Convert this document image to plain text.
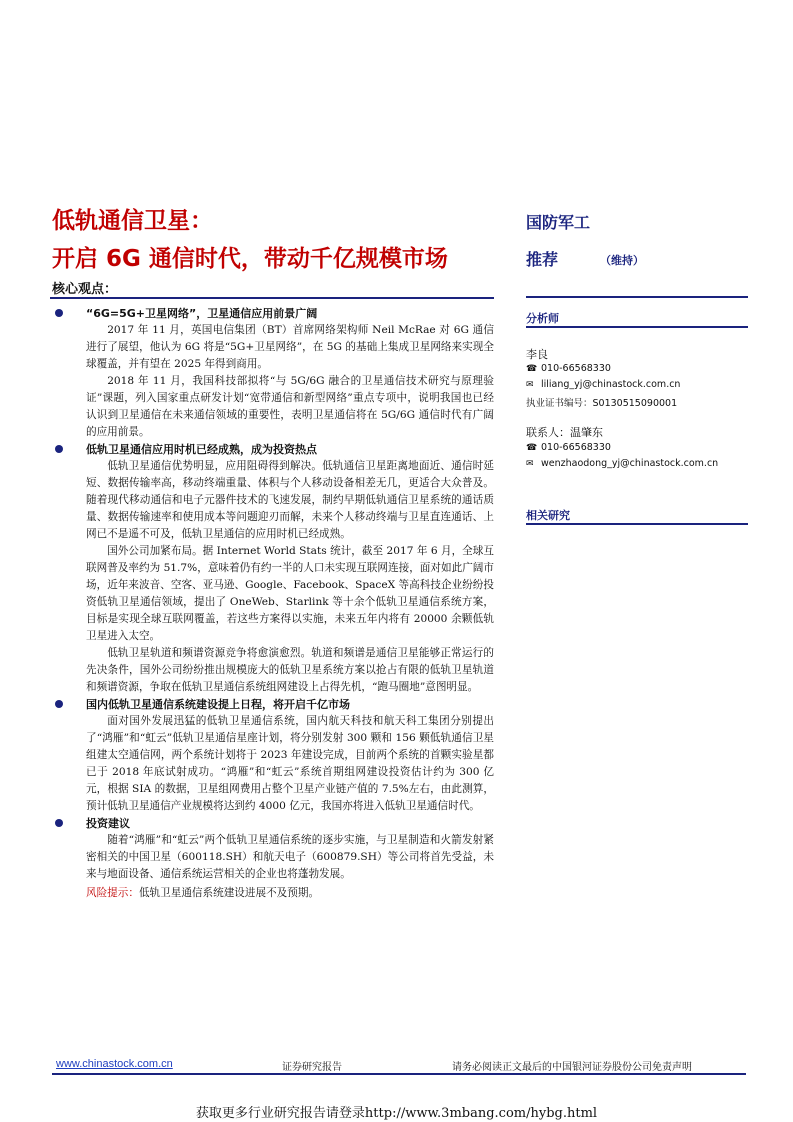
低轨通信卫星：
开启 6G 通信时代，带动千亿规模市场
核心观点：
“6G=5G+卫星网络”，卫星通信应用前景广阔

2017 年 11 月，英国电信集团（BT）首席网络架构师 Neil McRae 对 6G 通信进行了展望，他认为 6G 将是“5G+卫星网络”，在 5G 的基础上集成卫星网络来实现全球覆盖，并有望在 2025 年得到商用。

2018 年 11 月，我国科技部拟将“与 5G/6G 融合的卫星通信技术研究与原理验证”课题，列入国家重点研发计划“宽带通信和新型网络”重点专项中，说明我国也已经认识到卫星通信在未来通信领域的重要性，表明卫星通信将在 5G/6G 通信时代有广阔的应用前景。

低轨卫星通信应用时机已经成熟，成为投资热点

低轨卫星通信优势明显，应用阻碍得到解决。低轨通信卫星距离地面近、通信时延短、数据传输率高，移动终端重量、体积与个人移动设备相差无几，更适合大众普及。随着现代移动通信和电子元器件技术的飞速发展，制约早期低轨通信卫星系统的通话质量、数据传输速率和使用成本等问题迎刃而解，未来个人移动终端与卫星直连通话、上网已不是遥不可及，低轨卫星通信的应用时机已经成熟。

国外公司加紧布局。据 Internet World Stats 统计，截至 2017 年 6 月，全球互联网普及率约为 51.7%，意味着仍有约一半的人口未实现互联网连接，面对如此广阔市场，近年来波音、空客、亚马逊、Google、Facebook、SpaceX 等高科技企业纷纷投资低轨卫星通信领域，提出了 OneWeb、Starlink 等十余个低轨卫星通信系统方案，目标是实现全球互联网覆盖，若这些方案得以实施，未来五年内将有 20000 余颗低轨卫星进入太空。

低轨卫星轨道和频谱资源竞争将愈演愈烈。轨道和频谱是通信卫星能够正常运行的先决条件，国外公司纷纷推出规模庞大的低轨卫星系统方案以抢占有限的低轨卫星轨道和频谱资源，争取在低轨卫星通信系统组网建设上占得先机，“跑马圈地”意图明显。

国内低轨卫星通信系统建设提上日程，将开启千亿市场

面对国外发展迅猛的低轨卫星通信系统，国内航天科技和航天科工集团分别提出了“鸿雁”和“虹云”低轨卫星通信星座计划，将分别发射 300 颗和 156 颗低轨通信卫星组建太空通信网，两个系统计划将于 2023 年建设完成，目前两个系统的首颗实验星都已于 2018 年底试射成功。“鸿雁”和“虹云”系统首期组网建设投资估计约为 300 亿元，根据 SIA 的数据，卫星组网费用占整个卫星产业链产值的 7.5%左右，由此测算，预计低轨卫星通信产业规模将达到约 4000 亿元，我国亦将进入低轨卫星通信时代。

投资建议

随着“鸿雁”和“虹云”两个低轨卫星通信系统的逐步实施，与卫星制造和火箭发射紧密相关的中国卫星（600118.SH）和航天电子（600879.SH）等公司将首先受益，未来与地面设备、通信系统运营相关的企业也将蓬勃发展。

风险提示：低轨卫星通信系统建设进展不及预期。
国防军工
推荐	（维持）
分析师
李良
☎ 010-66568330
✉ liliang_yj@chinastock.com.cn
执业证书编号：S0130515090001
联系人：温肇东
☎ 010-66568330
✉ wenzhaodong_yj@chinastock.com.cn
相关研究
www.chinastock.com.cn	证券研究报告	请务必阅读正文最后的中国银河证券股份公司免责声明
获取更多行业研究报告请登录http://www.3mbang.com/hybg.html
